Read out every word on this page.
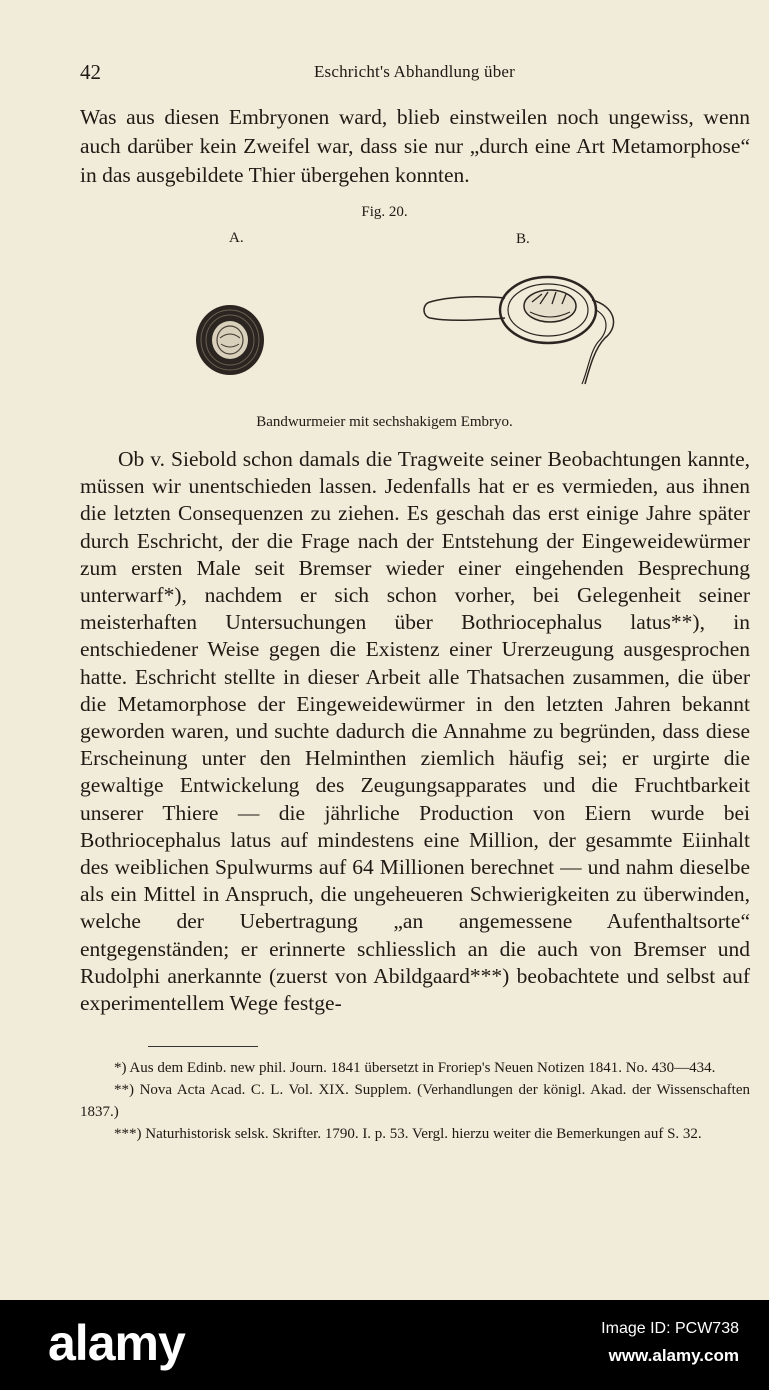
42	Eschricht's Abhandlung über

Was aus diesen Embryonen ward, blieb einstweilen noch ungewiss, wenn auch darüber kein Zweifel war, dass sie nur „durch eine Art Metamorphose“ in das ausgebildete Thier übergehen konnten.

Fig. 20.
A.	B.
Bandwurmeier mit sechshakigem Embryo.

Ob v. Siebold schon damals die Tragweite seiner Beobachtungen kannte, müssen wir unentschieden lassen. Jedenfalls hat er es vermieden, aus ihnen die letzten Consequenzen zu ziehen. Es geschah das erst einige Jahre später durch Eschricht, der die Frage nach der Entstehung der Eingeweidewürmer zum ersten Male seit Bremser wieder einer eingehenden Besprechung unterwarf*), nachdem er sich schon vorher, bei Gelegenheit seiner meisterhaften Untersuchungen über Bothriocephalus latus**), in entschiedener Weise gegen die Existenz einer Urerzeugung ausgesprochen hatte. Eschricht stellte in dieser Arbeit alle Thatsachen zusammen, die über die Metamorphose der Eingeweidewürmer in den letzten Jahren bekannt geworden waren, und suchte dadurch die Annahme zu begründen, dass diese Erscheinung unter den Helminthen ziemlich häufig sei; er urgirte die gewaltige Entwickelung des Zeugungsapparates und die Fruchtbarkeit unserer Thiere — die jährliche Production von Eiern wurde bei Bothriocephalus latus auf mindestens eine Million, der gesammte Eiinhalt des weiblichen Spulwurms auf 64 Millionen berechnet — und nahm dieselbe als ein Mittel in Anspruch, die ungeheueren Schwierigkeiten zu überwinden, welche der Uebertragung „an angemessene Aufenthaltsorte“ entgegenständen; er erinnerte schliesslich an die auch von Bremser und Rudolphi anerkannte (zuerst von Abildgaard***) beobachtete und selbst auf experimentellem Wege festge-

*) Aus dem Edinb. new phil. Journ. 1841 übersetzt in Froriep's Neuen Notizen 1841. No. 430—434.

**) Nova Acta Acad. C. L. Vol. XIX. Supplem. (Verhandlungen der königl. Akad. der Wissenschaften 1837.)

***) Naturhistorisk selsk. Skrifter. 1790. I. p. 53. Vergl. hierzu weiter die Bemerkungen auf S. 32.

alamy	Image ID: PCW738
www.alamy.com
